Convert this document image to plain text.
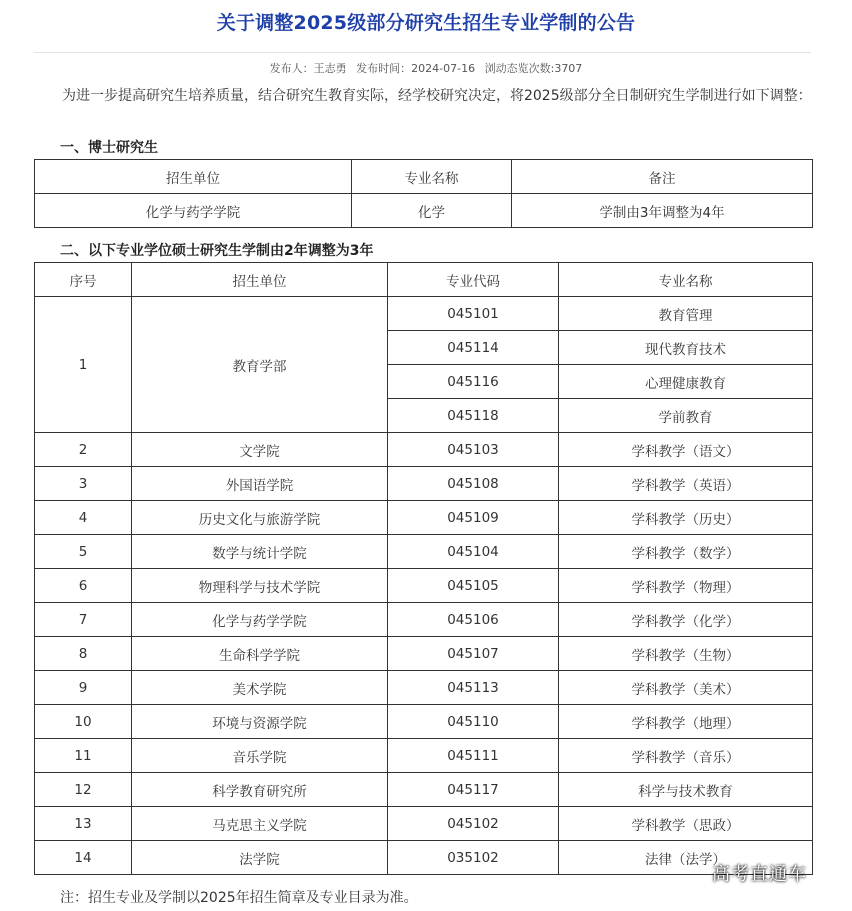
关于调整2025级部分研究生招生专业学制的公告
发布人：王志勇 发布时间：2024-07-16 浏动态览次数:3707
为进一步提高研究生培养质量，结合研究生教育实际，经学校研究决定，将2025级部分全日制研究生学制进行如下调整：
一、博士研究生
招生单位	专业名称	备注
化学与药学学院	化学	学制由3年调整为4年
二、以下专业学位硕士研究生学制由2年调整为3年
序号	招生单位	专业代码	专业名称
1	教育学部	045101	教育管理
		045114	现代教育技术
		045116	心理健康教育
		045118	学前教育
2	文学院	045103	学科教学（语文）
3	外国语学院	045108	学科教学（英语）
4	历史文化与旅游学院	045109	学科教学（历史）
5	数学与统计学院	045104	学科教学（数学）
6	物理科学与技术学院	045105	学科教学（物理）
7	化学与药学学院	045106	学科教学（化学）
8	生命科学学院	045107	学科教学（生物）
9	美术学院	045113	学科教学（美术）
10	环境与资源学院	045110	学科教学（地理）
11	音乐学院	045111	学科教学（音乐）
12	科学教育研究所	045117	科学与技术教育
13	马克思主义学院	045102	学科教学（思政）
14	法学院	035102	法律（法学）
注：招生专业及学制以2025年招生简章及专业目录为准。
高考直通车
